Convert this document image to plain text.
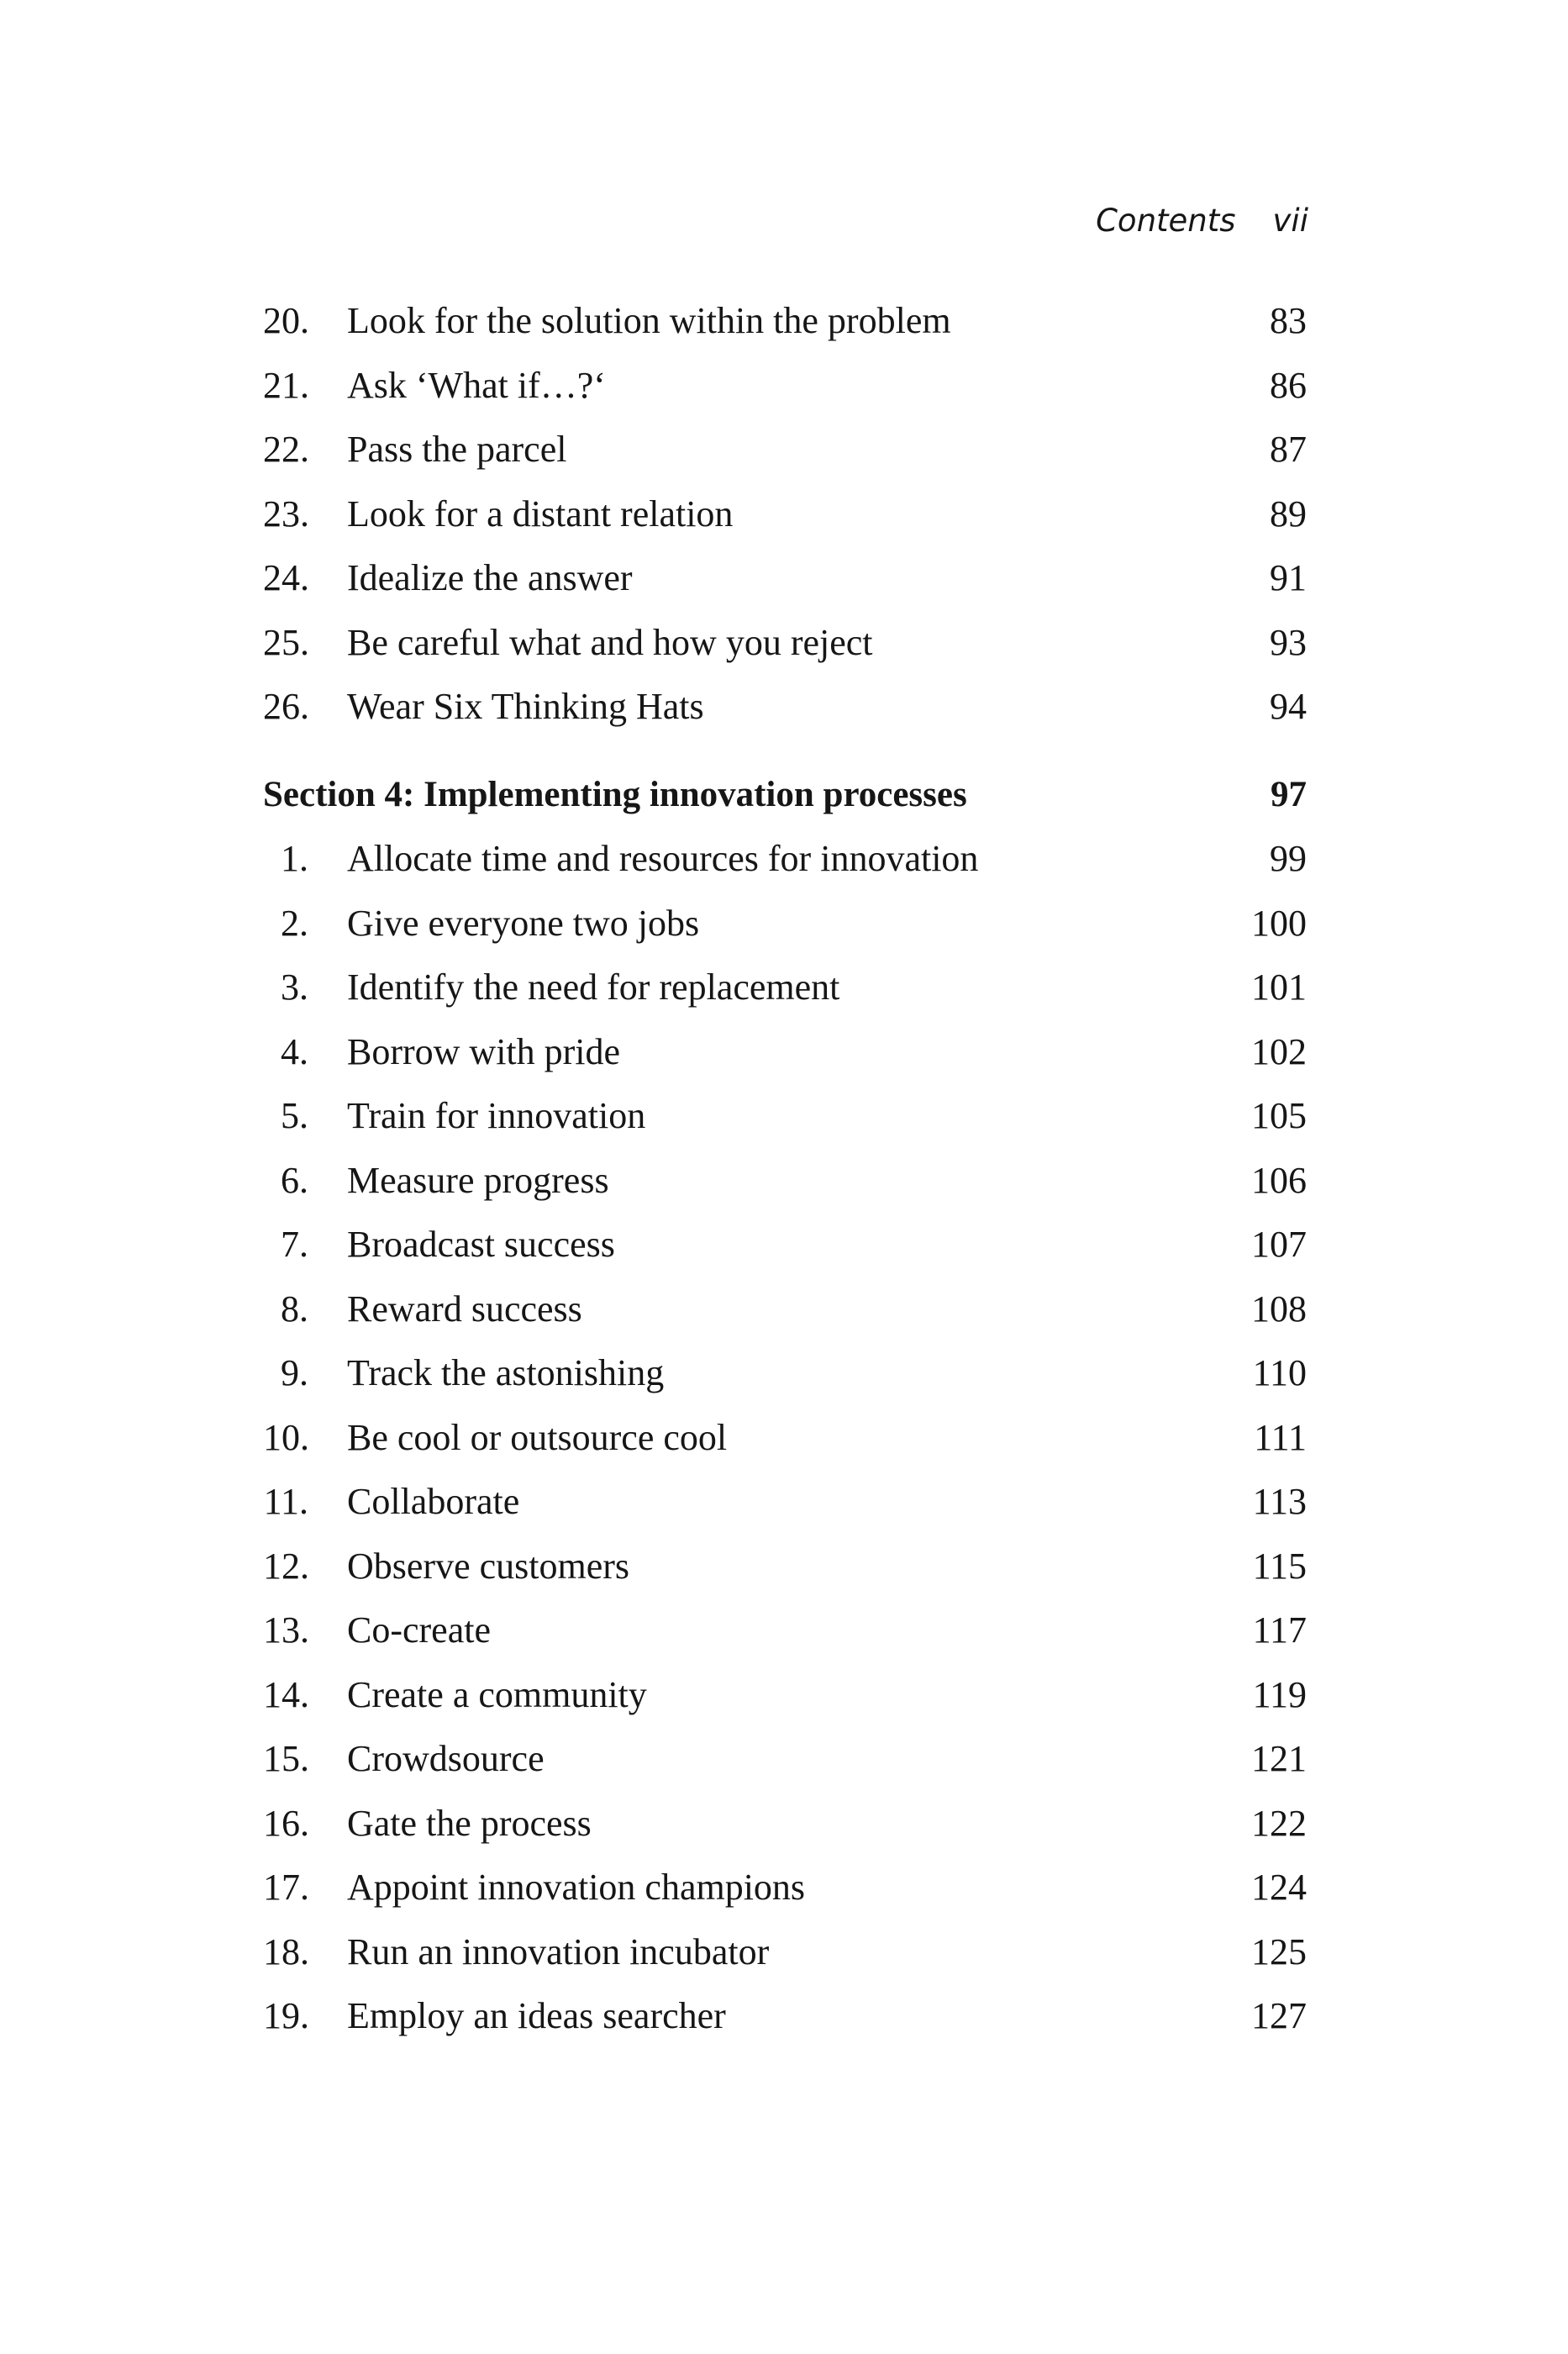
Contents vii
20. Look for the solution within the problem	83
21. Ask ‘What if…?‘	86
22. Pass the parcel	87
23. Look for a distant relation	89
24. Idealize the answer	91
25. Be careful what and how you reject	93
26. Wear Six Thinking Hats	94
Section 4: Implementing innovation processes	97
1. Allocate time and resources for innovation	99
2. Give everyone two jobs	100
3. Identify the need for replacement	101
4. Borrow with pride	102
5. Train for innovation	105
6. Measure progress	106
7. Broadcast success	107
8. Reward success	108
9. Track the astonishing	110
10. Be cool or outsource cool	111
11. Collaborate	113
12. Observe customers	115
13. Co-create	117
14. Create a community	119
15. Crowdsource	121
16. Gate the process	122
17. Appoint innovation champions	124
18. Run an innovation incubator	125
19. Employ an ideas searcher	127
